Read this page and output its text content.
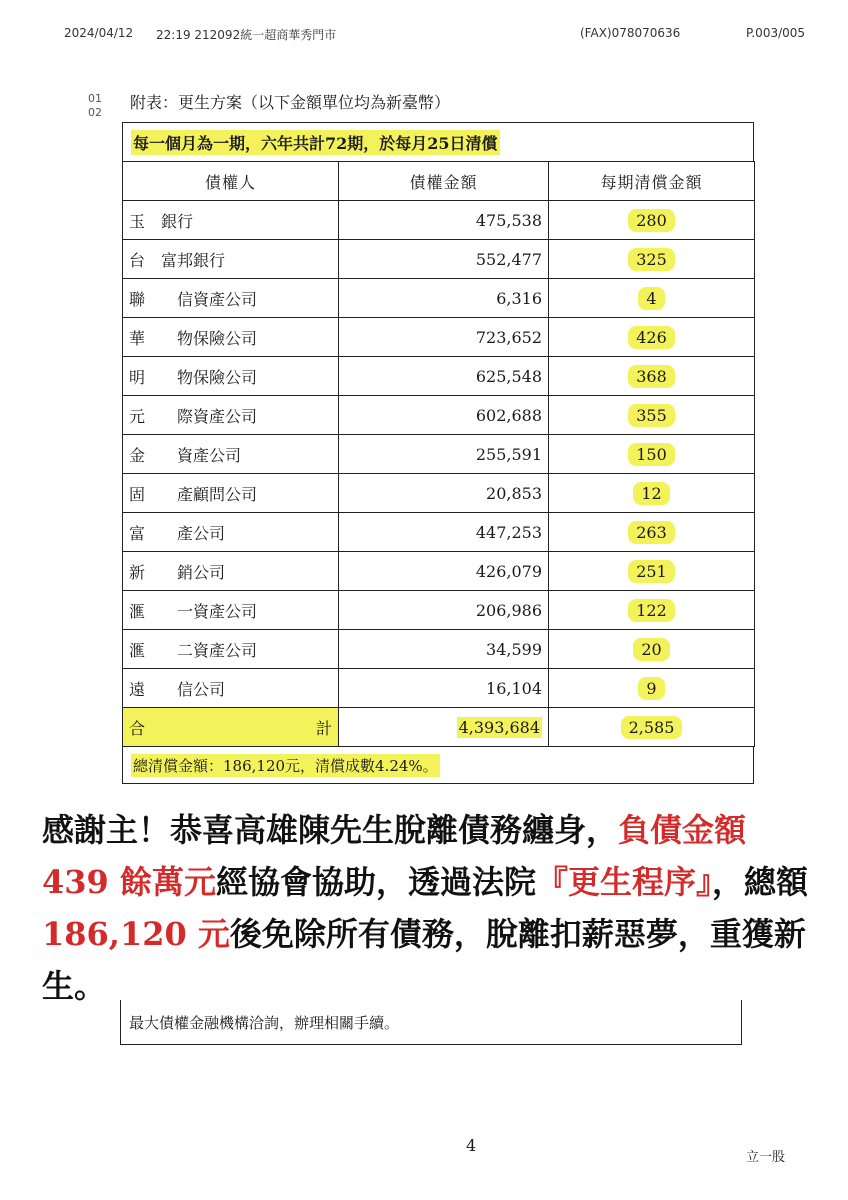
2024/04/12 22:19 212092統一超商華秀門市	(FAX)078070636	P.003/005
01
02
附表：更生方案（以下金額單位均為新臺幣）
每一個月為一期，六年共計72期，於每月25日清償
債權人	債權金額	每期清償金額
玉　銀行	475,538	280
台　富邦銀行	552,477	325
聯　　信資產公司	6,316	4
華　　物保險公司	723,652	426
明　　物保險公司	625,548	368
元　　際資產公司	602,688	355
金　　資產公司	255,591	150
固　　產顧問公司	20,853	12
富　　產公司	447,253	263
新　　銷公司	426,079	251
滙　　一資產公司	206,986	122
滙　　二資產公司	34,599	20
遠　　信公司	16,104	9

合 計	4,393,684	2,585
總清償金額：186,120元，清償成數4.24%。
感謝主！恭喜高雄陳先生脫離債務纏身，負債金額 439 餘萬元經協會協助，透過法院『更生程序』，總額 186,120 元後免除所有債務，脫離扣薪惡夢，重獲新生。
最大債權金融機構洽詢，辦理相關手續。
4
立一股
